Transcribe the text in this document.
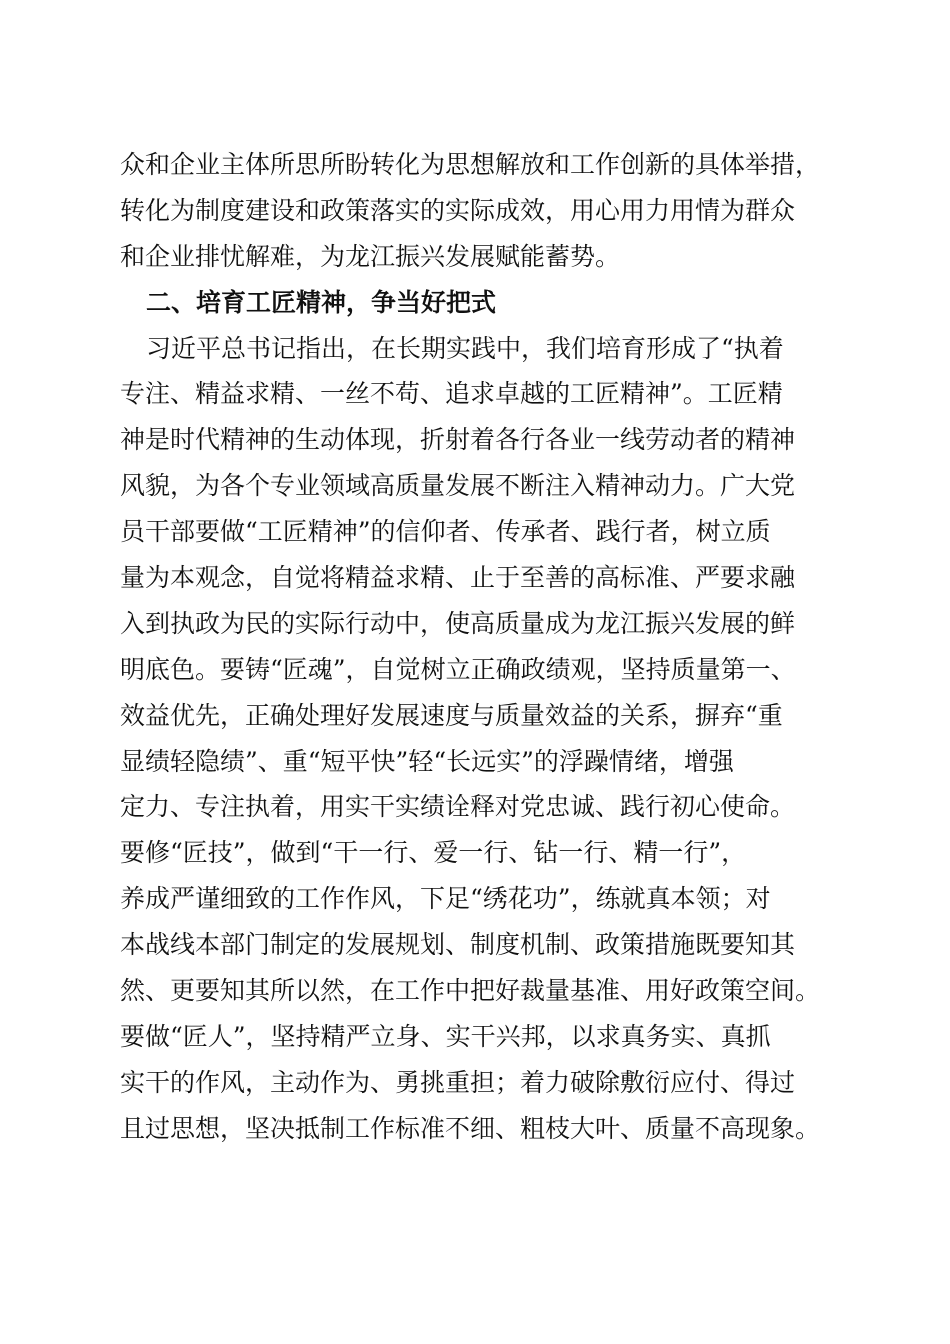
众和企业主体所思所盼转化为思想解放和工作创新的具体举措，
转化为制度建设和政策落实的实际成效，用心用力用情为群众
和企业排忧解难，为龙江振兴发展赋能蓄势。
二、培育工匠精神，争当好把式
习近平总书记指出，在长期实践中，我们培育形成了“执着
专注、精益求精、一丝不苟、追求卓越的工匠精神”。工匠精
神是时代精神的生动体现，折射着各行各业一线劳动者的精神
风貌，为各个专业领域高质量发展不断注入精神动力。广大党
员干部要做“工匠精神”的信仰者、传承者、践行者，树立质
量为本观念，自觉将精益求精、止于至善的高标准、严要求融
入到执政为民的实际行动中，使高质量成为龙江振兴发展的鲜
明底色。要铸“匠魂”，自觉树立正确政绩观，坚持质量第一、
效益优先，正确处理好发展速度与质量效益的关系，摒弃“重
显绩轻隐绩”、重“短平快”轻“长远实”的浮躁情绪，增强
定力、专注执着，用实干实绩诠释对党忠诚、践行初心使命。
要修“匠技”，做到“干一行、爱一行、钻一行、精一行”，
养成严谨细致的工作作风，下足“绣花功”，练就真本领；对
本战线本部门制定的发展规划、制度机制、政策措施既要知其
然、更要知其所以然，在工作中把好裁量基准、用好政策空间。
要做“匠人”，坚持精严立身、实干兴邦，以求真务实、真抓
实干的作风，主动作为、勇挑重担；着力破除敷衍应付、得过
且过思想，坚决抵制工作标准不细、粗枝大叶、质量不高现象。
